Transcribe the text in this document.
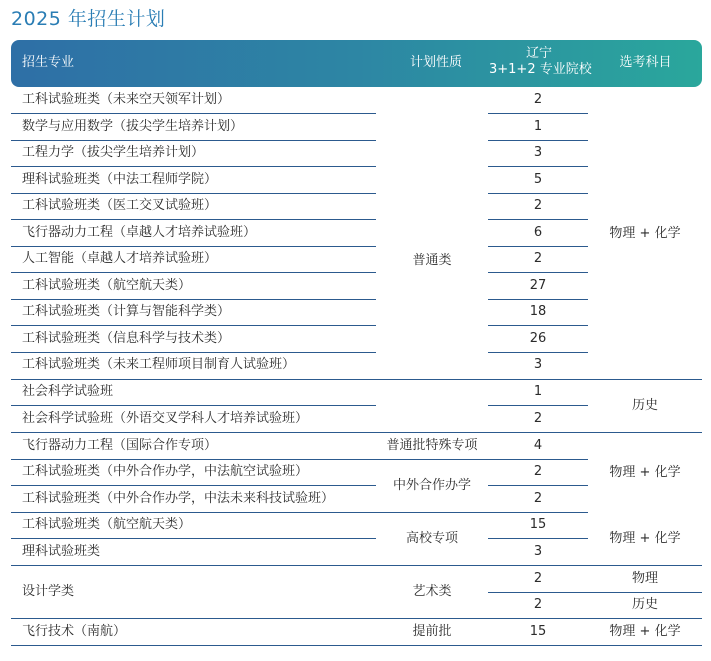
2025 年招生计划
招生专业	计划性质
辽宁
3+1+2 专业院校	选考科目
工科试验班类（未来空天领军计划）
数学与应用数学（拔尖学生培养计划）
工程力学（拔尖学生培养计划）
理科试验班类（中法工程师学院）
工科试验班类（医工交叉试验班）
飞行器动力工程（卓越人才培养试验班）
人工智能（卓越人才培养试验班）
工科试验班类（航空航天类）
工科试验班类（计算与智能科学类）
工科试验班类（信息科学与技术类）
工科试验班类（未来工程师项目制育人试验班）
社会科学试验班
社会科学试验班（外语交叉学科人才培养试验班）
飞行器动力工程（国际合作专项）
工科试验班类（中外合作办学，中法航空试验班）
工科试验班类（中外合作办学，中法未来科技试验班）
工科试验班类（航空航天类）
理科试验班类
设计学类
飞行技术（南航）
2
1
3
5
2
6
2
27
18
26
3
1
2
4
2
2
15
3
2
2
15
普通类
普通批特殊专项
中外合作办学
高校专项
艺术类
提前批
物理 + 化学
历史
物理 + 化学
物理 + 化学
物理
历史
物理 + 化学
